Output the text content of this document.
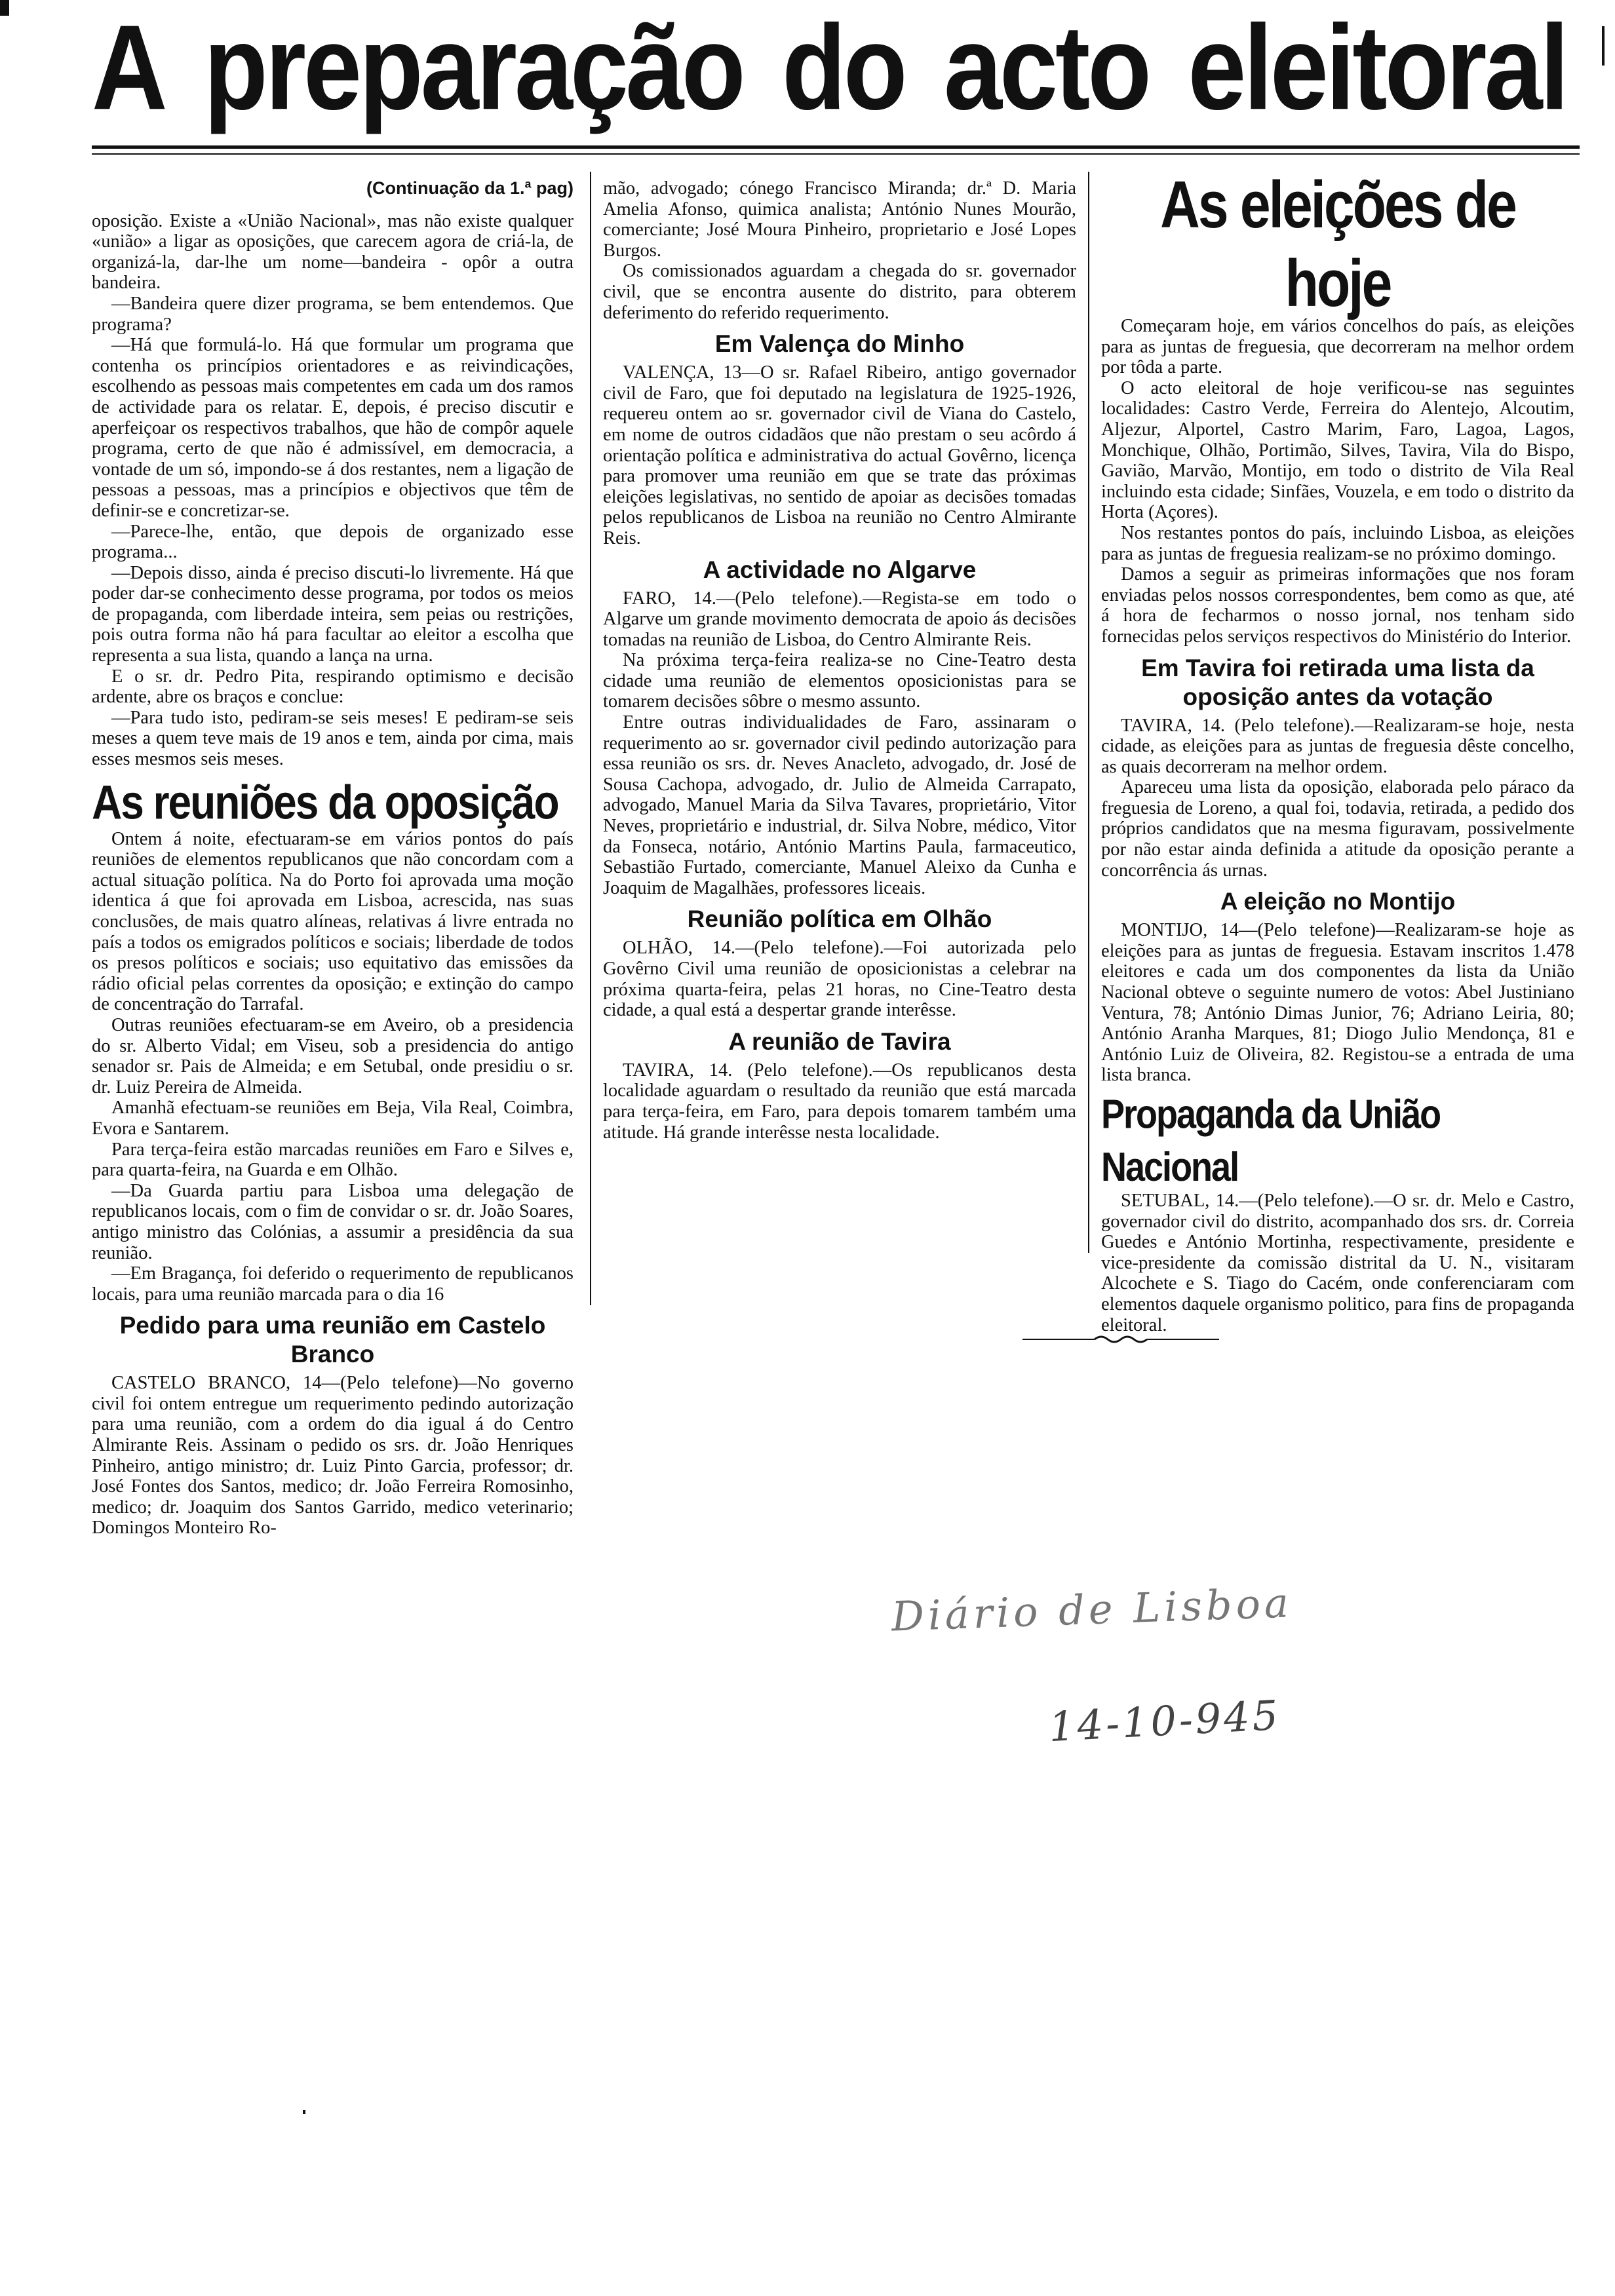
A preparação do acto eleitoral
(Continuação da 1.ª pag)

oposição. Existe a «União Nacional», mas não existe qualquer «união» a ligar as oposições, que carecem agora de criá-la, de organizá-la, dar-lhe um nome—bandeira - opôr a outra bandeira.

—Bandeira quere dizer programa, se bem entendemos. Que programa?

—Há que formulá-lo. Há que formular um programa que contenha os princípios orientadores e as reivindicações, escolhendo as pessoas mais competentes em cada um dos ramos de actividade para os relatar. E, depois, é preciso discutir e aperfeiçoar os respectivos trabalhos, que hão de compôr aquele programa, certo de que não é admissível, em democracia, a vontade de um só, impondo-se á dos restantes, nem a ligação de pessoas a pessoas, mas a princípios e objectivos que têm de definir-se e concretizar-se.

—Parece-lhe, então, que depois de organizado esse programa...

—Depois disso, ainda é preciso discuti-lo livremente. Há que poder dar-se conhecimento desse programa, por todos os meios de propaganda, com liberdade inteira, sem peias ou restrições, pois outra forma não há para facultar ao eleitor a escolha que representa a sua lista, quando a lança na urna.

E o sr. dr. Pedro Pita, respirando optimismo e decisão ardente, abre os braços e conclue:

—Para tudo isto, pediram-se seis meses! E pediram-se seis meses a quem teve mais de 19 anos e tem, ainda por cima, mais esses mesmos seis meses.

As reuniões da oposição

Ontem á noite, efectuaram-se em vários pontos do país reuniões de elementos republicanos que não concordam com a actual situação política. Na do Porto foi aprovada uma moção identica á que foi aprovada em Lisboa, acrescida, nas suas conclusões, de mais quatro alíneas, relativas á livre entrada no país a todos os emigrados políticos e sociais; liberdade de todos os presos políticos e sociais; uso equitativo das emissões da rádio oficial pelas correntes da oposição; e extinção do campo de concentração do Tarrafal.

Outras reuniões efectuaram-se em Aveiro, ob a presidencia do sr. Alberto Vidal; em Viseu, sob a presidencia do antigo senador sr. Pais de Almeida; e em Setubal, onde presidiu o sr. dr. Luiz Pereira de Almeida.

Amanhã efectuam-se reuniões em Beja, Vila Real, Coimbra, Evora e Santarem.

Para terça-feira estão marcadas reuniões em Faro e Silves e, para quarta-feira, na Guarda e em Olhão.

—Da Guarda partiu para Lisboa uma delegação de republicanos locais, com o fim de convidar o sr. dr. João Soares, antigo ministro das Colónias, a assumir a presidência da sua reunião.

—Em Bragança, foi deferido o requerimento de republicanos locais, para uma reunião marcada para o dia 16

Pedido para uma reunião em Castelo Branco

CASTELO BRANCO, 14—(Pelo telefone)—No governo civil foi ontem entregue um requerimento pedindo autorização para uma reunião, com a ordem do dia igual á do Centro Almirante Reis. Assinam o pedido os srs. dr. João Henriques Pinheiro, antigo ministro; dr. Luiz Pinto Garcia, professor; dr. José Fontes dos Santos, medico; dr. João Ferreira Romosinho, medico; dr. Joaquim dos Santos Garrido, medico veterinario; Domingos Monteiro Ro-

mão, advogado; cónego Francisco Miranda; dr.ª D. Maria Amelia Afonso, quimica analista; António Nunes Mourão, comerciante; José Moura Pinheiro, proprietario e José Lopes Burgos.

Os comissionados aguardam a chegada do sr. governador civil, que se encontra ausente do distrito, para obterem deferimento do referido requerimento.

Em Valença do Minho

VALENÇA, 13—O sr. Rafael Ribeiro, antigo governador civil de Faro, que foi deputado na legislatura de 1925-1926, requereu ontem ao sr. governador civil de Viana do Castelo, em nome de outros cidadãos que não prestam o seu acôrdo á orientação política e administrativa do actual Govêrno, licença para promover uma reunião em que se trate das próximas eleições legislativas, no sentido de apoiar as decisões tomadas pelos republicanos de Lisboa na reunião no Centro Almirante Reis.

A actividade no Algarve

FARO, 14.—(Pelo telefone).—Regista-se em todo o Algarve um grande movimento democrata de apoio ás decisões tomadas na reunião de Lisboa, do Centro Almirante Reis.

Na próxima terça-feira realiza-se no Cine-Teatro desta cidade uma reunião de elementos oposicionistas para se tomarem decisões sôbre o mesmo assunto.

Entre outras individualidades de Faro, assinaram o requerimento ao sr. governador civil pedindo autorização para essa reunião os srs. dr. Neves Anacleto, advogado, dr. José de Sousa Cachopa, advogado, dr. Julio de Almeida Carrapato, advogado, Manuel Maria da Silva Tavares, proprietário, Vitor Neves, proprietário e industrial, dr. Silva Nobre, médico, Vitor da Fonseca, notário, António Martins Paula, farmaceutico, Sebastião Furtado, comerciante, Manuel Aleixo da Cunha e Joaquim de Magalhães, professores liceais.

Reunião política em Olhão

OLHÃO, 14.—(Pelo telefone).—Foi autorizada pelo Govêrno Civil uma reunião de oposicionistas a celebrar na próxima quarta-feira, pelas 21 horas, no Cine-Teatro desta cidade, a qual está a despertar grande interêsse.

A reunião de Tavira

TAVIRA, 14. (Pelo telefone).—Os republicanos desta localidade aguardam o resultado da reunião que está marcada para terça-feira, em Faro, para depois tomarem também uma atitude. Há grande interêsse nesta localidade.

As eleições de hoje

Começaram hoje, em vários concelhos do país, as eleições para as juntas de freguesia, que decorreram na melhor ordem por tôda a parte.

O acto eleitoral de hoje verificou-se nas seguintes localidades: Castro Verde, Ferreira do Alentejo, Alcoutim, Aljezur, Alportel, Castro Marim, Faro, Lagoa, Lagos, Monchique, Olhão, Portimão, Silves, Tavira, Vila do Bispo, Gavião, Marvão, Montijo, em todo o distrito de Vila Real incluindo esta cidade; Sinfães, Vouzela, e em todo o distrito da Horta (Açores).

Nos restantes pontos do país, incluindo Lisboa, as eleições para as juntas de freguesia realizam-se no próximo domingo.

Damos a seguir as primeiras informações que nos foram enviadas pelos nossos correspondentes, bem como as que, até á hora de fecharmos o nosso jornal, nos tenham sido fornecidas pelos serviços respectivos do Ministério do Interior.

Em Tavira foi retirada uma lista da oposição antes da votação

TAVIRA, 14. (Pelo telefone).—Realizaram-se hoje, nesta cidade, as eleições para as juntas de freguesia dêste concelho, as quais decorreram na melhor ordem.

Apareceu uma lista da oposição, elaborada pelo páraco da freguesia de Loreno, a qual foi, todavia, retirada, a pedido dos próprios candidatos que na mesma figuravam, possivelmente por não estar ainda definida a atitude da oposição perante a concorrência ás urnas.

A eleição no Montijo

MONTIJO, 14—(Pelo telefone)—Realizaram-se hoje as eleições para as juntas de freguesia. Estavam inscritos 1.478 eleitores e cada um dos componentes da lista da União Nacional obteve o seguinte numero de votos: Abel Justiniano Ventura, 78; António Dimas Junior, 76; Adriano Leiria, 80; António Aranha Marques, 81; Diogo Julio Mendonça, 81 e António Luiz de Oliveira, 82. Registou-se a entrada de uma lista branca.

Propaganda da União Nacional

SETUBAL, 14.—(Pelo telefone).—O sr. dr. Melo e Castro, governador civil do distrito, acompanhado dos srs. dr. Correia Guedes e António Mortinha, respectivamente, presidente e vice-presidente da comissão distrital da U. N., visitaram Alcochete e S. Tiago do Cacém, onde conferenciaram com elementos daquele organismo politico, para fins de propaganda eleitoral.

Diário de Lisboa
14-10-945
